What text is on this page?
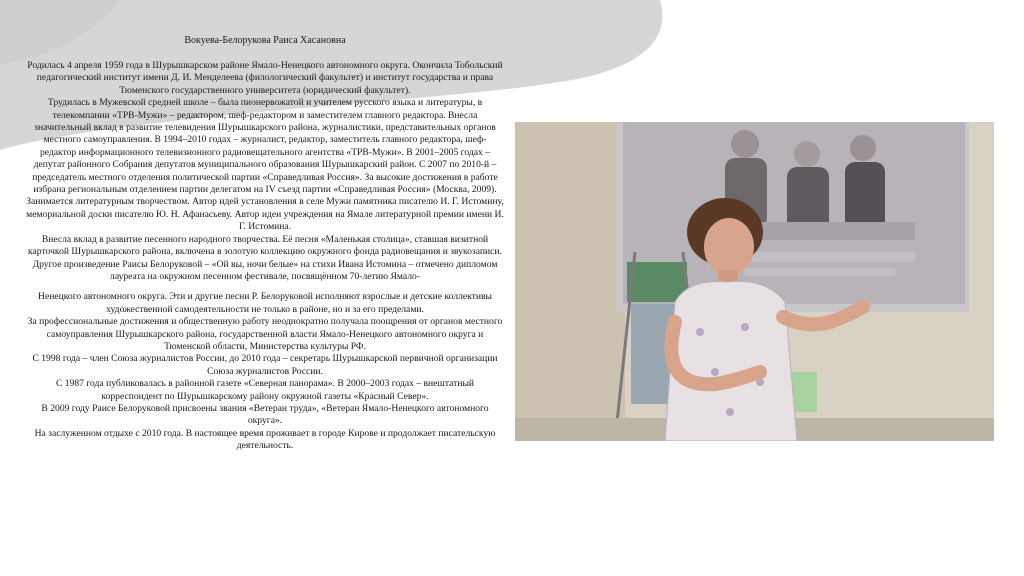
Вокуева-Белорукова Раиса Хасановна

Родилась 4 апреля 1959 года в Шурышкарском районе Ямало-Ненецкого автономного округа. Окончила Тобольский педагогический институт имени Д. И. Менделеева (филологический факультет) и институт государства и права Тюменского государственного университета (юридический факультет).

Трудилась в Мужевской средней школе – была пионервожатой и учителем русского языка и литературы, в телекомпании «ТРВ-Мужи» – редактором, шеф-редактором и заместителем главного редактора. Внесла значительный вклад в развитие телевидения Шурышкарского района, журналистики, представительных органов местного самоуправления. В 1994–2010 годах – журналист, редактор, заместитель главного редактора, шеф-редактор информационного телевизионного радиовещательного агентства «ТРВ-Мужи». В 2001–2005 годах – депутат районного Собрания депутатов муниципального образования Шурышкарский район. С 2007 по 2010-й – председатель местного отделения политической партии «Справедливая Россия». За высокие достижения в работе избрана региональным отделением партии делегатом на IV съезд партии «Справедливая Россия» (Москва, 2009).

Занимается литературным творчеством. Автор идей установления в селе Мужи памятника писателю И. Г. Истомину, мемориальной доски писателю Ю. Н. Афанасьеву. Автор идеи учреждения на Ямале литературной премии имени И. Г. Истомина.

Внесла вклад в развитие песенного народного творчества. Её песня «Маленькая столица», ставшая визитной карточкой Шурышкарского района, включена в золотую коллекцию окружного фонда радиовещания и звукозаписи.

Другое произведение Раисы Белоруковой – «Ой вы, ночи белые» на стихи Ивана Истомина – отмечено дипломом лауреата на окружном песенном фестивале, посвящённом 70-летию Ямало-

Ненецкого автономного округа. Эти и другие песни Р. Белоруковой исполняют взрослые и детские коллективы художественной самодеятельности не только в районе, но и за его пределами.

За профессиональные достижения и общественную работу неоднократно получала поощрения от органов местного самоуправления Шурышкарского района, государственной власти Ямало-Ненецкого автономного округа и Тюменской области, Министерства культуры РФ.

С 1998 года – член Союза журналистов России, до 2010 года – секретарь Шурышкарской первичной организации Союза журналистов России.

С 1987 года публиковалась в районной газете «Северная панорама». В 2000–2003 годах – внештатный корреспондент по Шурышкарскому району окружной газеты «Красный Север».

В 2009 году Раисе Белоруковой присвоены звания «Ветеран труда», «Ветеран Ямало-Ненецкого автономного округа».

На заслуженном отдыхе с 2010 года. В настоящее время проживает в городе Кирове и продолжает писательскую деятельность.
